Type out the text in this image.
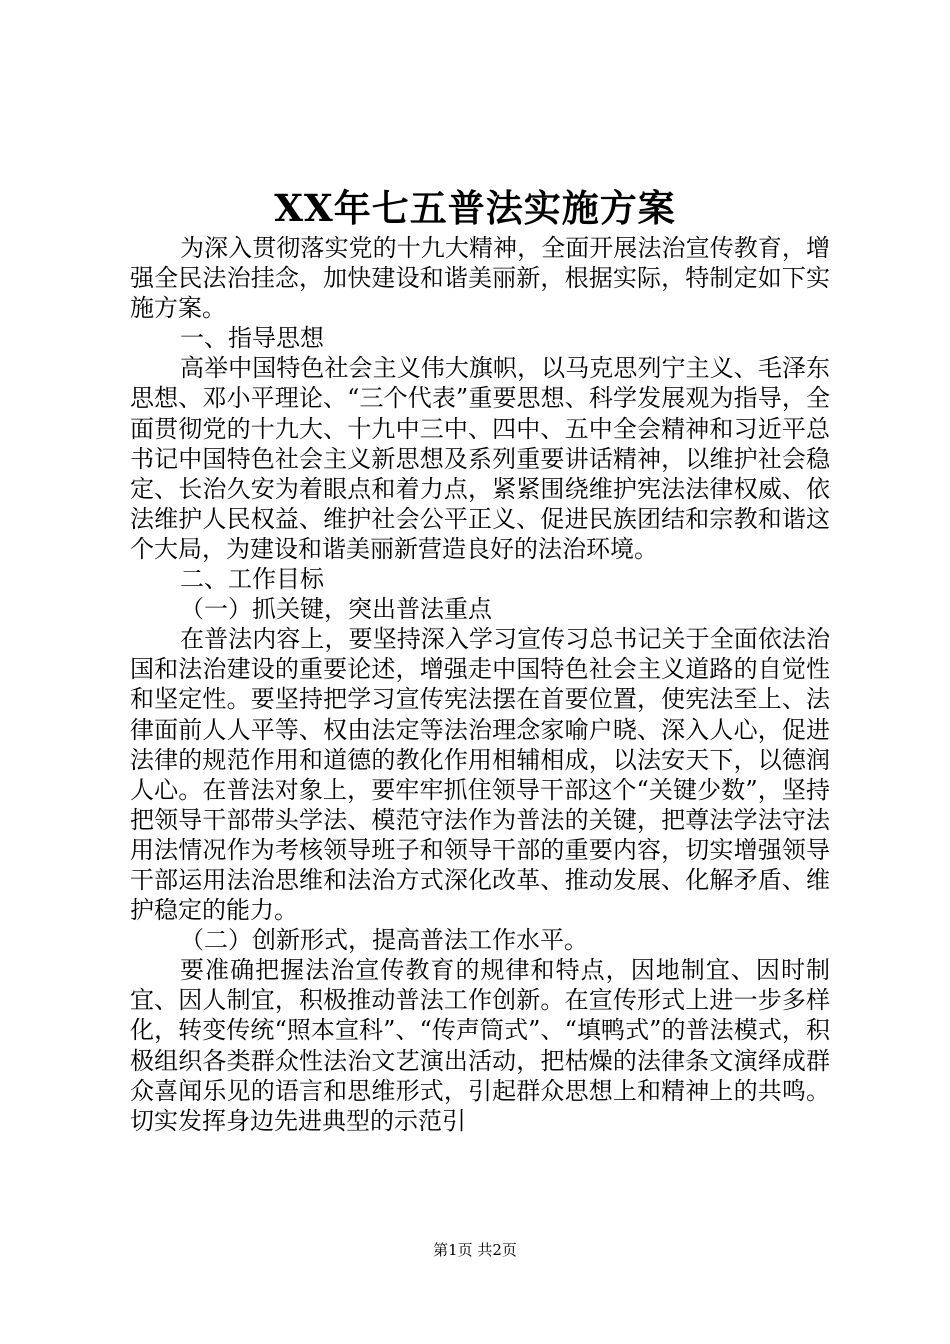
XX年七五普法实施方案

为深入贯彻落实党的十九大精神，全面开展法治宣传教育，增强全民法治挂念，加快建设和谐美丽新，根据实际，特制定如下实施方案。

一、指导思想

高举中国特色社会主义伟大旗帜，以马克思列宁主义、毛泽东思想、邓小平理论、“三个代表”重要思想、科学发展观为指导，全面贯彻党的十九大、十九中三中、四中、五中全会精神和习近平总书记中国特色社会主义新思想及系列重要讲话精神，以维护社会稳定、长治久安为着眼点和着力点，紧紧围绕维护宪法法律权威、依法维护人民权益、维护社会公平正义、促进民族团结和宗教和谐这个大局，为建设和谐美丽新营造良好的法治环境。

二、工作目标

（一）抓关键，突出普法重点

在普法内容上，要坚持深入学习宣传习总书记关于全面依法治国和法治建设的重要论述，增强走中国特色社会主义道路的自觉性和坚定性。要坚持把学习宣传宪法摆在首要位置，使宪法至上、法律面前人人平等、权由法定等法治理念家喻户晓、深入人心，促进法律的规范作用和道德的教化作用相辅相成，以法安天下，以德润人心。在普法对象上，要牢牢抓住领导干部这个“关键少数”，坚持把领导干部带头学法、模范守法作为普法的关键，把尊法学法守法用法情况作为考核领导班子和领导干部的重要内容，切实增强领导干部运用法治思维和法治方式深化改革、推动发展、化解矛盾、维护稳定的能力。

（二）创新形式，提高普法工作水平。

要准确把握法治宣传教育的规律和特点，因地制宜、因时制宜、因人制宜，积极推动普法工作创新。在宣传形式上进一步多样化，转变传统“照本宣科”、“传声筒式”、“填鸭式”的普法模式，积极组织各类群众性法治文艺演出活动，把枯燥的法律条文演绎成群众喜闻乐见的语言和思维形式，引起群众思想上和精神上的共鸣。切实发挥身边先进典型的示范引

第1页 共2页
